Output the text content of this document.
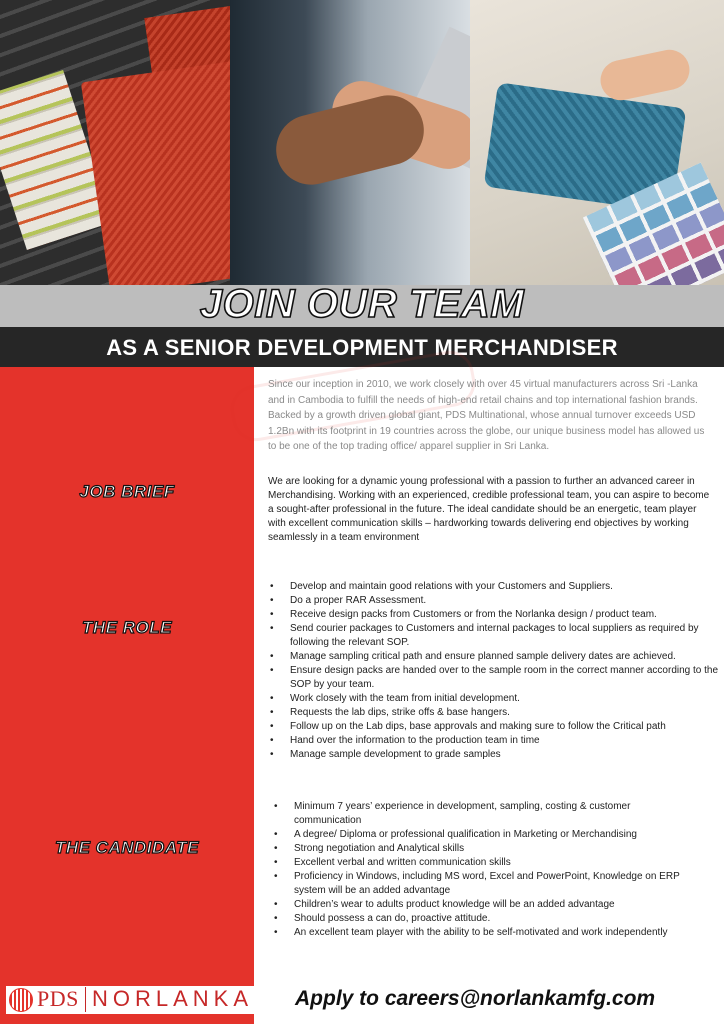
JOIN OUR TEAM
AS A SENIOR DEVELOPMENT MERCHANDISER
JOB BRIEF
THE ROLE
THE CANDIDATE
Since our inception in 2010, we work closely with over 45 virtual manufacturers across Sri -Lanka and in Cambodia to fulfill the needs of high-end retail chains and top international fashion brands. Backed by a growth driven global giant, PDS Multinational, whose annual turnover exceeds USD 1.2Bn with its footprint in 19 countries across the globe, our unique business model has allowed us to be one of the top trading office/ apparel supplier in Sri Lanka.
We are looking for a dynamic young professional with a passion to further an advanced career in Merchandising. Working with an experienced, credible professional team, you can aspire to become a sought-after professional in the future. The ideal candidate should be an energetic, team player with excellent communication skills – hardworking towards delivering end objectives by working seamlessly in a team environment
• Develop and maintain good relations with your Customers and Suppliers.
• Do a proper RAR Assessment.
• Receive design packs from Customers or from the Norlanka design / product team.
• Send courier packages to Customers and internal packages to local suppliers as required by following the relevant SOP.
• Manage sampling critical path and ensure planned sample delivery dates are achieved.
• Ensure design packs are handed over to the sample room in the correct manner according to the SOP by your team.
• Work closely with the team from initial development.
• Requests the lab dips, strike offs & base hangers.
• Follow up on the Lab dips, base approvals and making sure to follow the Critical path
• Hand over the information to the production team in time
• Manage sample development to grade samples
• Minimum 7 years’ experience in development, sampling, costing & customer communication
• A degree/ Diploma or professional qualification in Marketing or Merchandising
• Strong negotiation and Analytical skills
• Excellent verbal and written communication skills
• Proficiency in Windows, including MS word, Excel and PowerPoint, Knowledge on ERP system will be an added advantage
• Children’s wear to adults product knowledge will be an added advantage
• Should possess a can do, proactive attitude.
• An excellent team player with the ability to be self-motivated and work independently
PDS NORLANKA Apply to careers@norlankamfg.com
